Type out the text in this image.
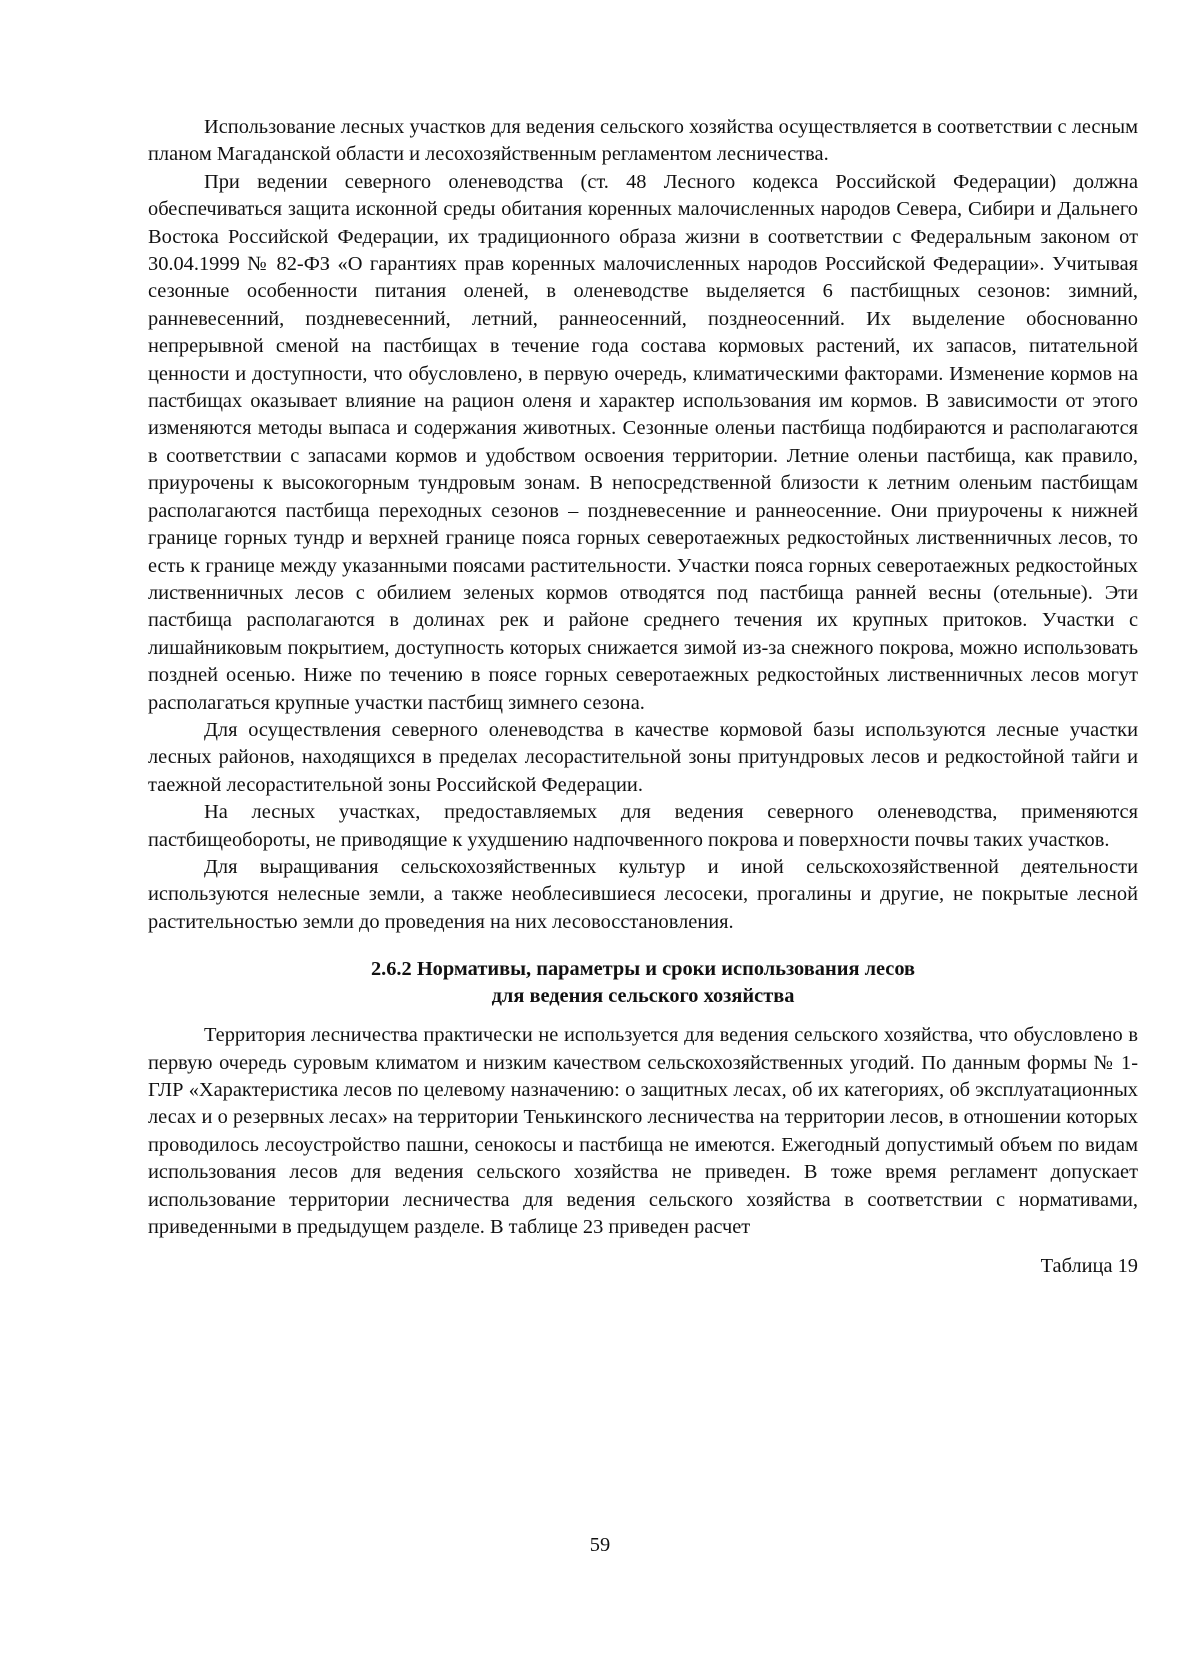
Использование лесных участков для ведения сельского хозяйства осуществляется в соответствии с лесным планом Магаданской области и лесохозяйственным регламентом лесничества.

При ведении северного оленеводства (ст. 48 Лесного кодекса Российской Федерации) должна обеспечиваться защита исконной среды обитания коренных малочисленных народов Севера, Сибири и Дальнего Востока Российской Федерации, их традиционного образа жизни в соответствии с Федеральным законом от 30.04.1999 № 82-ФЗ «О гарантиях прав коренных малочисленных народов Российской Федерации». Учитывая сезонные особенности питания оленей, в оленеводстве выделяется 6 пастбищных сезонов: зимний, ранневесенний, поздневесенний, летний, раннеосенний, позднеосенний. Их выделение обоснованно непрерывной сменой на пастбищах в течение года состава кормовых растений, их запасов, питательной ценности и доступности, что обусловлено, в первую очередь, климатическими факторами. Изменение кормов на пастбищах оказывает влияние на рацион оленя и характер использования им кормов. В зависимости от этого изменяются методы выпаса и содержания животных. Сезонные оленьи пастбища подбираются и располагаются в соответствии с запасами кормов и удобством освоения территории. Летние оленьи пастбища, как правило, приурочены к высокогорным тундровым зонам. В непосредственной близости к летним оленьим пастбищам располагаются пастбища переходных сезонов – поздневесенние и раннеосенние. Они приурочены к нижней границе горных тундр и верхней границе пояса горных северотаежных редкостойных лиственничных лесов, то есть к границе между указанными поясами растительности. Участки пояса горных северотаежных редкостойных лиственничных лесов с обилием зеленых кормов отводятся под пастбища ранней весны (отельные). Эти пастбища располагаются в долинах рек и районе среднего течения их крупных притоков. Участки с лишайниковым покрытием, доступность которых снижается зимой из-за снежного покрова, можно использовать поздней осенью. Ниже по течению в поясе горных северотаежных редкостойных лиственничных лесов могут располагаться крупные участки пастбищ зимнего сезона.

Для осуществления северного оленеводства в качестве кормовой базы используются лесные участки лесных районов, находящихся в пределах лесорастительной зоны притундровых лесов и редкостойной тайги и таежной лесорастительной зоны Российской Федерации.

На лесных участках, предоставляемых для ведения северного оленеводства, применяются пастбищеобороты, не приводящие к ухудшению надпочвенного покрова и поверхности почвы таких участков.

Для выращивания сельскохозяйственных культур и иной сельскохозяйственной деятельности используются нелесные земли, а также необлесившиеся лесосеки, прогалины и другие, не покрытые лесной растительностью земли до проведения на них лесовосстановления.

2.6.2 Нормативы, параметры и сроки использования лесов
для ведения сельского хозяйства

Территория лесничества практически не используется для ведения сельского хозяйства, что обусловлено в первую очередь суровым климатом и низким качеством сельскохозяйственных угодий. По данным формы № 1-ГЛР «Характеристика лесов по целевому назначению: о защитных лесах, об их категориях, об эксплуатационных лесах и о резервных лесах» на территории Тенькинского лесничества на территории лесов, в отношении которых проводилось лесоустройство пашни, сенокосы и пастбища не имеются. Ежегодный допустимый объем по видам использования лесов для ведения сельского хозяйства не приведен. В тоже время регламент допускает использование территории лесничества для ведения сельского хозяйства в соответствии с нормативами, приведенными в предыдущем разделе. В таблице 23 приведен расчет

Таблица 19

59
